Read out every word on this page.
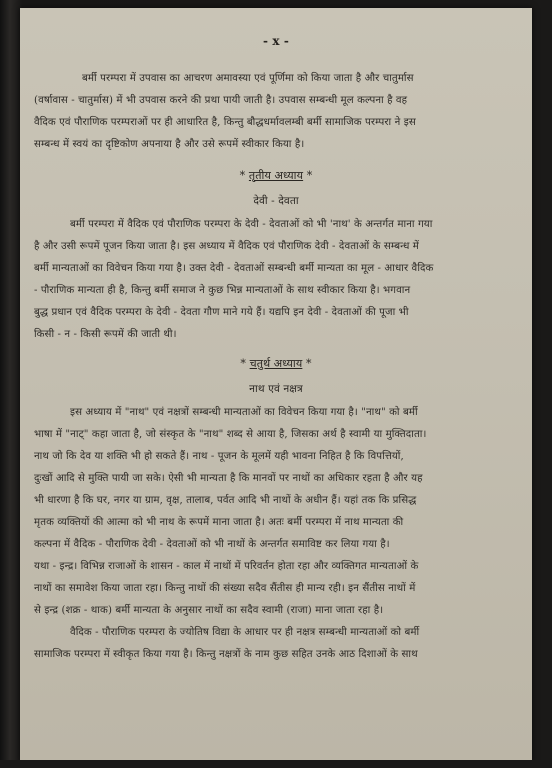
- x -
बर्मी परम्परा में उपवास का आचरण अमावस्या एवं पूर्णिमा को किया जाता है और चातुर्मास
(वर्षावास - चातुर्मास) में भी उपवास करने की प्रथा पायी जाती है। उपवास सम्बन्धी मूल कल्पना है वह
वैदिक एवं पौराणिक परम्पराओं पर ही आधारित है, किन्तु बौद्धधर्मावलम्बी बर्मी सामाजिक परम्परा ने इस
सम्बन्ध में स्वयं का दृष्टिकोण अपनाया है और उसे रूपमें स्वीकार किया है।
* तृतीय अध्याय *
देवी - देवता
बर्मी परम्परा में वैदिक एवं पौराणिक परम्परा के देवी - देवताओं को भी 'नाथ' के अन्तर्गत माना गया
है और उसी रूपमें पूजन किया जाता है। इस अध्याय में वैदिक एवं पौराणिक देवी - देवताओं के सम्बन्ध में
बर्मी मान्यताओं का विवेचन किया गया है। उक्त देवी - देवताओं सम्बन्धी बर्मी मान्यता का मूल - आधार वैदिक
- पौराणिक मान्यता ही है, किन्तु बर्मी समाज ने कुछ भिन्न मान्यताओं के साथ स्वीकार किया है। भगवान
बुद्ध प्रधान एवं वैदिक परम्परा के देवी - देवता गौण माने गये हैं। यद्यपि इन देवी - देवताओं की पूजा भी
किसी - न - किसी रूपमें की जाती थी।
* चतुर्थ अध्याय *
नाथ एवं नक्षत्र
इस अध्याय में "नाथ" एवं नक्षत्रों सम्बन्धी मान्यताओं का विवेचन किया गया है। "नाथ" को बर्मी
भाषा में "नाट्" कहा जाता है, जो संस्कृत के "नाथ" शब्द से आया है, जिसका अर्थ है स्वामी या मुक्तिदाता।
नाथ जो कि देव या शक्ति भी हो सकते हैं। नाथ - पूजन के मूलमें यही भावना निहित है कि विपत्तियों,
दुःखों आदि से मुक्ति पायी जा सके। ऐसी भी मान्यता है कि मानवों पर नाथों का अधिकार रहता है और यह
भी धारणा है कि घर, नगर या ग्राम, वृक्ष, तालाब, पर्वत आदि भी नाथों के अधीन हैं। यहां तक कि प्रसिद्ध
मृतक व्यक्तियों की आत्मा को भी नाथ के रूपमें माना जाता है। अतः बर्मी परम्परा में नाथ मान्यता की
कल्पना में वैदिक - पौराणिक देवी - देवताओं को भी नाथों के अन्तर्गत समाविष्ट कर लिया गया है।
यथा - इन्द्र। विभिन्न राजाओं के शासन - काल में नाथों में परिवर्तन होता रहा और व्यक्तिगत मान्यताओं के
नाथों का समावेश किया जाता रहा। किन्तु नाथों की संख्या सदैव सैंतीस ही मान्य रही। इन सैंतीस नाथों में
से इन्द्र (शक्र - थाक) बर्मी मान्यता के अनुसार नाथों का सदैव स्वामी (राजा) माना जाता रहा है।
वैदिक - पौराणिक परम्परा के ज्योतिष विद्या के आधार पर ही नक्षत्र सम्बन्धी मान्यताओं को बर्मी
सामाजिक परम्परा में स्वीकृत किया गया है। किन्तु नक्षत्रों के नाम कुछ सहित उनके आठ दिशाओं के साथ
